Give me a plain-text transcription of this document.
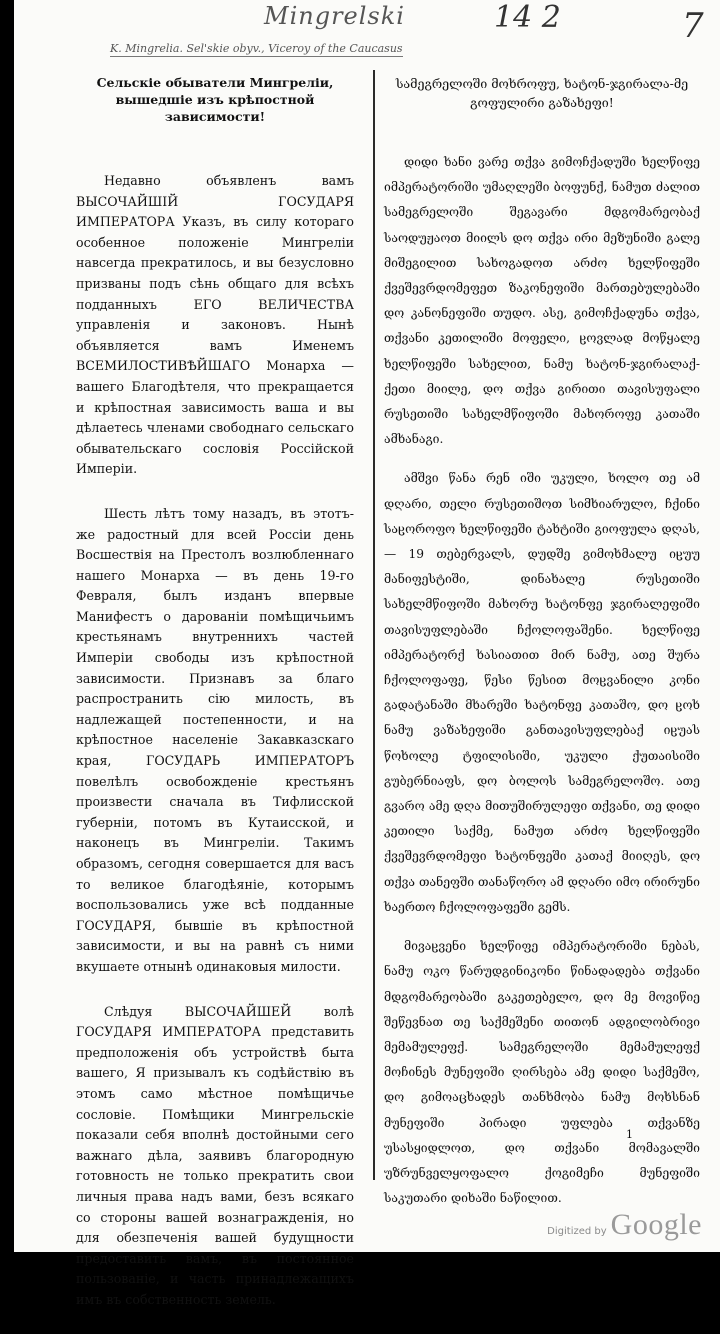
Mingrelski	14 2	7
K. Mingrelia. Sel'skie obyv., Viceroy of the Caucasus

Сельскіе обыватели Мингреліи, вышедшіе изъ крѣпостной зависимости!

Недавно объявленъ вамъ ВЫСОЧАЙШІЙ ГОСУДАРЯ ИМПЕРАТОРА Указъ, въ силу котораго особенное положеніе Мингреліи навсегда прекратилось, и вы безусловно призваны подъ сѣнь общаго для всѣхъ подданныхъ ЕГО ВЕЛИЧЕСТВА управленія и законовъ. Нынѣ объявляется вамъ Именемъ ВСЕМИЛОСТИВѢЙШАГО Монарха — вашего Благодѣтеля, что прекращается и крѣпостная зависимость ваша и вы дѣлаетесь членами свободнаго сельскаго обывательскаго сословія Россійской Имперіи.

Шесть лѣтъ тому назадъ, въ этотъ-же радостный для всей Россіи день Восшествія на Престолъ возлюбленнаго нашего Монарха — въ день 19-го Февраля, былъ изданъ впервые Манифестъ о дарованіи помѣщичьимъ крестьянамъ внутреннихъ частей Имперіи свободы изъ крѣпостной зависимости. Признавъ за благо распространить сію милость, въ надлежащей постепенности, и на крѣпостное населеніе Закавказскаго края, ГОСУДАРЬ ИМПЕРАТОРЪ повелѣлъ освобожденіе крестьянъ произвести сначала въ Тифлисской губерніи, потомъ въ Кутаисской, и наконецъ въ Мингреліи. Такимъ образомъ, сегодня совершается для васъ то великое благодѣяніе, которымъ воспользовались уже всѣ подданные ГОСУДАРЯ, бывшіе въ крѣпостной зависимости, и вы на равнѣ съ ними вкушаете отнынѣ одинаковыя милости.

Слѣдуя ВЫСОЧАЙШЕЙ волѣ ГОСУДАРЯ ИМПЕРАТОРА представить предположенія объ устройствѣ быта вашего, Я призывалъ къ содѣйствію въ этомъ само мѣстное помѣщичье сословіе. Помѣщики Мингрельскіе показали себя вполнѣ достойными сего важнаго дѣла, заявивъ благородную готовность не только прекратить свои личныя права надъ вами, безъ всякаго со стороны вашей вознагражденія, но для обезпеченія вашей будущности предоставить вамъ, въ постоянное пользованіе, и часть принадлежащихъ имъ въ собственность земель.

სამეგრელოში მოხროფუ, ხატონ-ჯგირალა-მე გოფულირი გაზახეფი!

დიდი ხანი ვარე თქვა გიმოჩქადუში ხელწიფე იმპერატორიში უმაღლეში ბოფუნქ, ნამუთ ძალით სამეგრელოში შეგავარი მდგომარეობაქ საოდუჟაოთ მიილს დო თქვა ირი მეზუნიში გალე მიშეგილით სახოგადოთ არძო ხელწიფეში ქვეშევრდომეფეთ ზაკონეფიში მართებულებაში დო კანონეფიში თუდო. ასე, გიმოჩქადუნა თქვა, თქვანი კეთილიში მოფელი, ჸოვლად მოწყალე ხელწიფეში სახელით, ნამუ ხატონ-ჯგირალაქ-ქეთი მიილე, დო თქვა გირითი თავისუფალი რუსეთიში სახელმწიფოში მახოროფე კათაში ამხანაგი.

ამშვი წანა რენ იში უკული, ხოლო თე ამ დღარი, თელი რუსეთიშოთ სიმხიარულო, ჩქინი საჸოროფო ხელწიფეში ტახტიში გიოფულა დღას, — 19 თებერვალს, დუდშე გიმოხმალუ იჸუუ მანიფესტიში, დინახალე რუსეთიში სახელმწიფოში მახორუ ხატონფე ჯგირალეფიში თავისუფლებაში ჩქოლოფაშენი. ხელწიფე იმპერატორქ ხასიათით მირ ნამუ, ათე შურა ჩქოლოფაფე, წესი წესით მოჸვანილი კონი გადატანაში მხარეში ხატონფე კათაშო, დო ჸოხ ნამუ ვაზახეფიში განთავისუფლებაქ იჸუას წოხოლე ტფილისიში, უკული ქუთაისიში გუბერნიაფს, დო ბოლოს სამეგრელოშო. ათე გვარო ამე დღა მითუშირულეფი თქვანი, თე დიდი კეთილი საქმე, ნამუთ არძო ხელწიფეში ქვეშევრდომეფი ხატონფეში კათაქ მიიღეს, დო თქვა თანეფში თანაწორო ამ დღარი იმო ირირუნი ხაერთო ჩქოლოფაფეში გემს.

მივაჸვენი ხელწიფე იმპერატორიში ნებას, ნამუ ოკო წარუდგინიკონი წინადადება თქვანი მდგომარეობაში გაკეთებელო, დო მე მოვიწიე შეწევნათ თე საქმეშენი თითონ ადგილობრივი მემამულეფქ. სამეგრელოში მემამულეფქ მოჩინეს მუნეფიში ღირსება ამე დიდი საქმეშო, დო გიმოაცხადეს თანხმობა ნამუ მოხსნან მუნეფიში პირადი უფლება თქვანზე უსასყიდლოთ, დო თქვანი მომავალში უზრუნველყოფალო ქოგიმეჩი მუნეფიში საკუთარი დიხაში ნაწილით.

1
Digitized by Google
